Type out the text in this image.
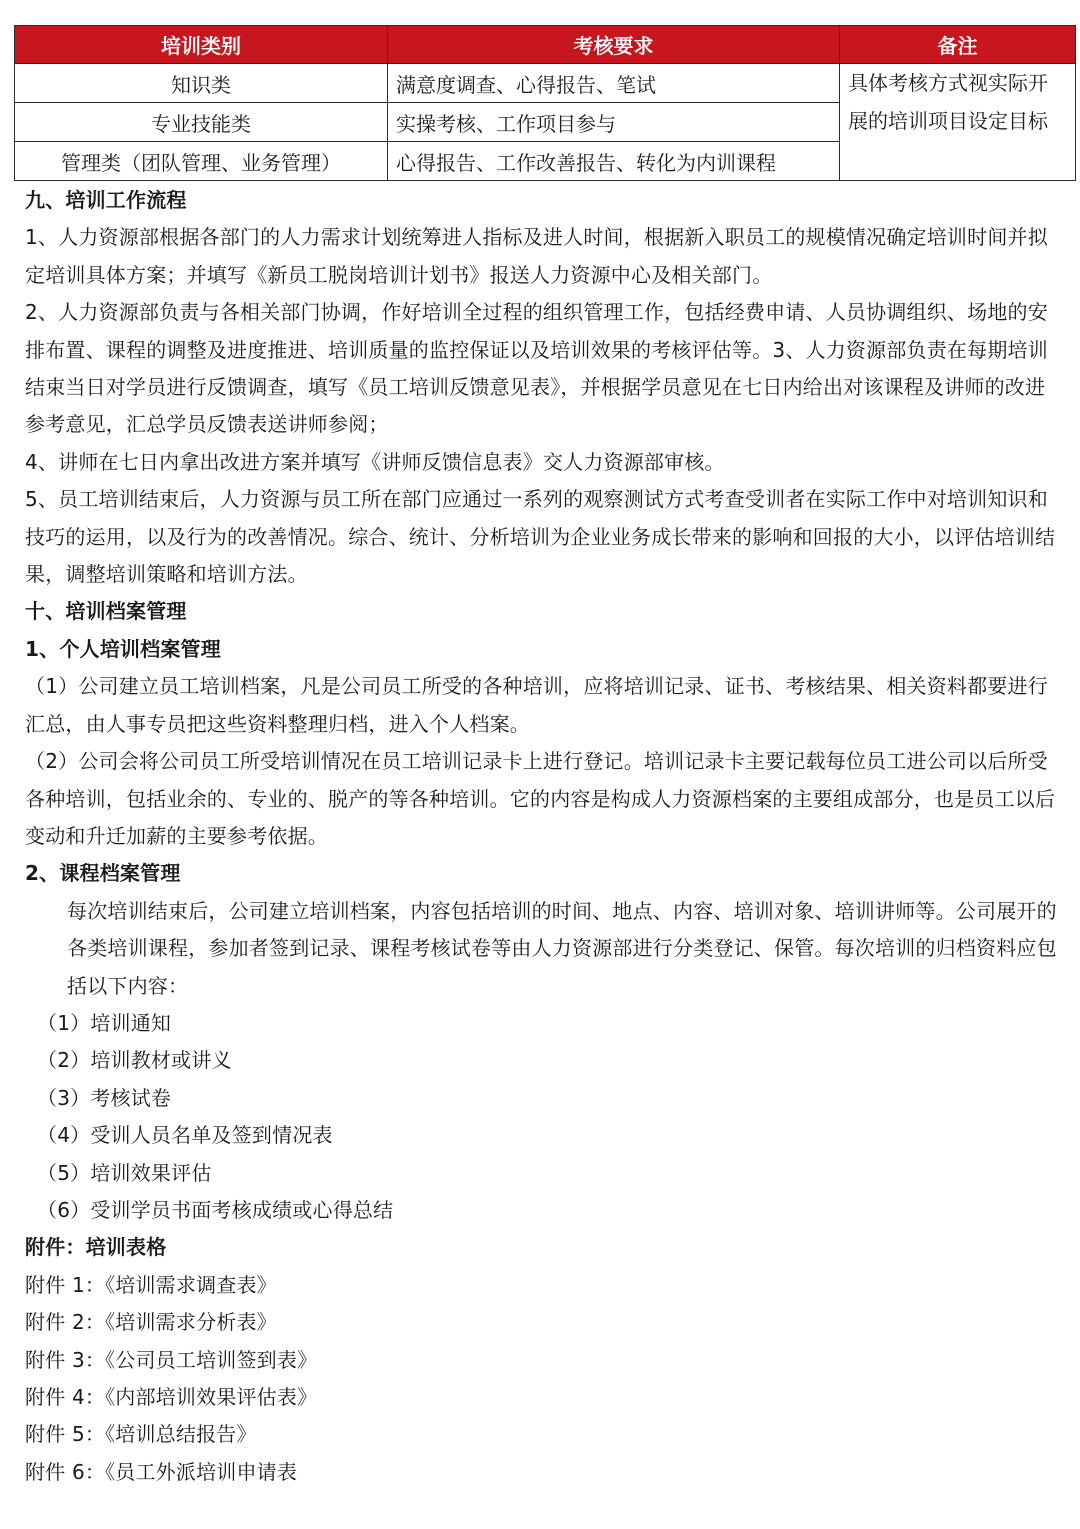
培训类别	考核要求	备注
知识类	满意度调查、心得报告、笔试	具体考核方式视实际开展的培训项目设定目标
专业技能类	实操考核、工作项目参与	
管理类（团队管理、业务管理）	心得报告、工作改善报告、转化为内训课程	

九、培训工作流程

1、人力资源部根据各部门的人力需求计划统筹进人指标及进人时间，根据新入职员工的规模情况确定培训时间并拟定培训具体方案；并填写《新员工脱岗培训计划书》报送人力资源中心及相关部门。

2、人力资源部负责与各相关部门协调，作好培训全过程的组织管理工作，包括经费申请、人员协调组织、场地的安排布置、课程的调整及进度推进、培训质量的监控保证以及培训效果的考核评估等。3、人力资源部负责在每期培训结束当日对学员进行反馈调查，填写《员工培训反馈意见表》，并根据学员意见在七日内给出对该课程及讲师的改进参考意见，汇总学员反馈表送讲师参阅；

4、讲师在七日内拿出改进方案并填写《讲师反馈信息表》交人力资源部审核。

5、员工培训结束后，人力资源与员工所在部门应通过一系列的观察测试方式考查受训者在实际工作中对培训知识和技巧的运用，以及行为的改善情况。综合、统计、分析培训为企业业务成长带来的影响和回报的大小，以评估培训结果，调整培训策略和培训方法。

十、培训档案管理

1、个人培训档案管理

（1）公司建立员工培训档案，凡是公司员工所受的各种培训，应将培训记录、证书、考核结果、相关资料都要进行汇总，由人事专员把这些资料整理归档，进入个人档案。

（2）公司会将公司员工所受培训情况在员工培训记录卡上进行登记。培训记录卡主要记载每位员工进公司以后所受各种培训，包括业余的、专业的、脱产的等各种培训。它的内容是构成人力资源档案的主要组成部分，也是员工以后变动和升迁加薪的主要参考依据。

2、课程档案管理

每次培训结束后，公司建立培训档案，内容包括培训的时间、地点、内容、培训对象、培训讲师等。公司展开的各类培训课程，参加者签到记录、课程考核试卷等由人力资源部进行分类登记、保管。每次培训的归档资料应包括以下内容：

（1）培训通知

（2）培训教材或讲义

（3）考核试卷

（4）受训人员名单及签到情况表

（5）培训效果评估

（6）受训学员书面考核成绩或心得总结

附件：培训表格

附件 1：《培训需求调查表》

附件 2：《培训需求分析表》

附件 3：《公司员工培训签到表》

附件 4：《内部培训效果评估表》

附件 5：《培训总结报告》

附件 6：《员工外派培训申请表
